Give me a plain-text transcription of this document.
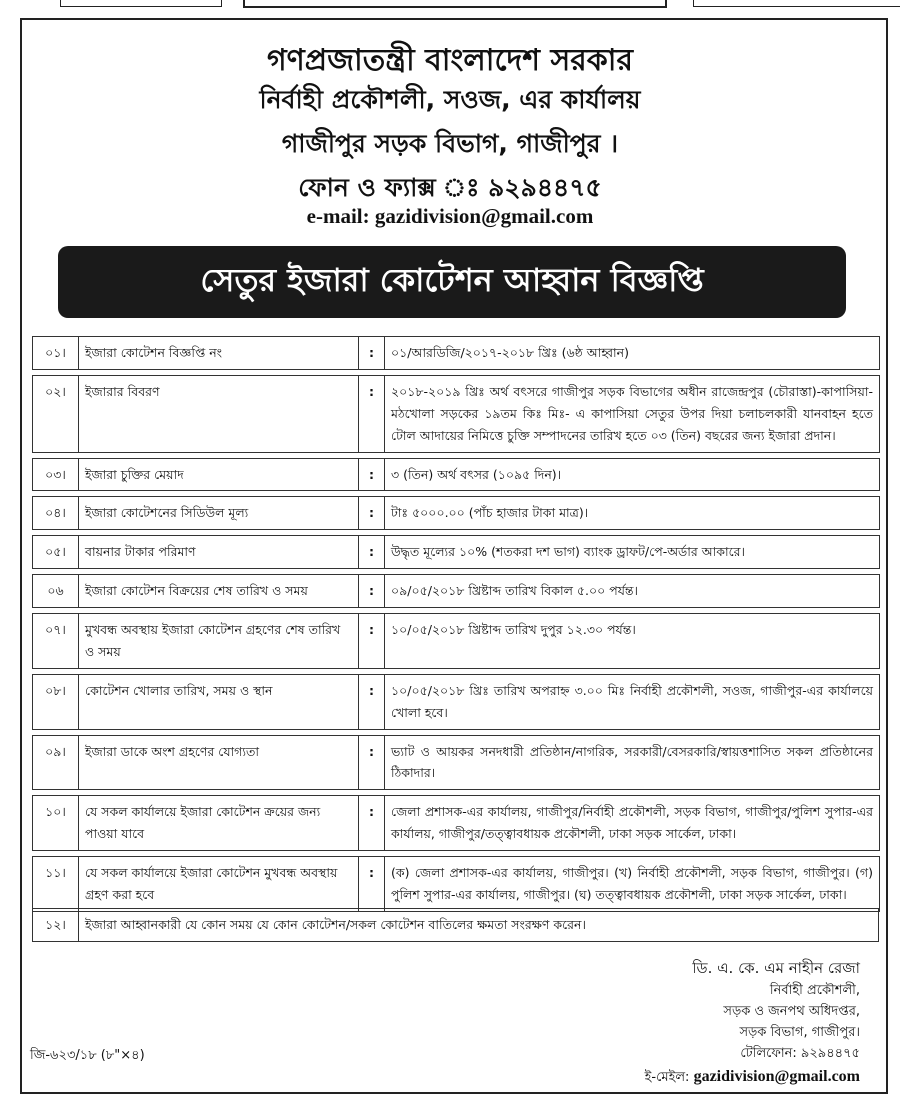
গণপ্রজাতন্ত্রী বাংলাদেশ সরকার
নির্বাহী প্রকৌশলী, সওজ, এর কার্যালয়
গাজীপুর সড়ক বিভাগ, গাজীপুর ।
ফোন ও ফ্যাক্স ঃ ৯২৯৪৪৭৫
e-mail: gazidivision@gmail.com
সেতুর ইজারা কোটেশন আহ্বান বিজ্ঞপ্তি
০১।	ইজারা কোটেশন বিজ্ঞপ্তি নং	:	০১/আরডিজি/২০১৭-২০১৮ খ্রিঃ (৬ষ্ঠ আহ্বান)

০২।	ইজারার বিবরণ	:	২০১৮-২০১৯ খ্রিঃ অর্থ বৎসরে গাজীপুর সড়ক বিভাগের অধীন রাজেন্দ্রপুর (চৌরাস্তা)-কাপাসিয়া-মঠখোলা সড়কের ১৯তম কিঃ মিঃ- এ কাপাসিয়া সেতুর উপর দিয়া চলাচলকারী যানবাহন হতে টোল আদায়ের নিমিত্তে চুক্তি সম্পাদনের তারিখ হতে ০৩ (তিন) বছরের জন্য ইজারা প্রদান।

০৩।	ইজারা চুক্তির মেয়াদ	:	৩ (তিন) অর্থ বৎসর (১০৯৫ দিন)।

০৪।	ইজারা কোটেশনের সিডিউল মূল্য	:	টাঃ ৫০০০.০০ (পাঁচ হাজার টাকা মাত্র)।

০৫।	বায়নার টাকার পরিমাণ	:	উদ্ধৃত মূল্যের ১০% (শতকরা দশ ভাগ) ব্যাংক ড্রাফট/পে-অর্ডার আকারে।

০৬	ইজারা কোটেশন বিক্রয়ের শেষ তারিখ ও সময়	:	০৯/০৫/২০১৮ খ্রিষ্টাব্দ তারিখ বিকাল ৫.০০ পর্যন্ত।

০৭।	মুখবন্ধ অবস্থায় ইজারা কোটেশন গ্রহণের শেষ তারিখ ও সময়	:	১০/০৫/২০১৮ খ্রিষ্টাব্দ তারিখ দুপুর ১২.৩০ পর্যন্ত।

০৮।	কোটেশন খোলার তারিখ, সময় ও স্থান	:	১০/০৫/২০১৮ খ্রিঃ তারিখ অপরাহ্ন ৩.০০ মিঃ নির্বাহী প্রকৌশলী, সওজ, গাজীপুর-এর কার্যালয়ে খোলা হবে।

০৯।	ইজারা ডাকে অংশ গ্রহণের যোগ্যতা	:	ভ্যাট ও আয়কর সনদধারী প্রতিষ্ঠান/নাগরিক, সরকারী/বেসরকারি/স্বায়ত্তশাসিত সকল প্রতিষ্ঠানের ঠিকাদার।

১০।	যে সকল কার্যালয়ে ইজারা কোটেশন ক্রয়ের জন্য পাওয়া যাবে	:	জেলা প্রশাসক-এর কার্যালয়, গাজীপুর/নির্বাহী প্রকৌশলী, সড়ক বিভাগ, গাজীপুর/পুলিশ সুপার-এর কার্যালয়, গাজীপুর/তত্ত্বাবধায়ক প্রকৌশলী, ঢাকা সড়ক সার্কেল, ঢাকা।

১১।	যে সকল কার্যালয়ে ইজারা কোটেশন মুখবন্ধ অবস্থায় গ্রহণ করা হবে	:	(ক) জেলা প্রশাসক-এর কার্যালয়, গাজীপুর। (খ) নির্বাহী প্রকৌশলী, সড়ক বিভাগ, গাজীপুর। (গ) পুলিশ সুপার-এর কার্যালয়, গাজীপুর। (ঘ) তত্ত্বাবধায়ক প্রকৌশলী, ঢাকা সড়ক সার্কেল, ঢাকা।
১২।	ইজারা আহ্বানকারী যে কোন সময় যে কোন কোটেশন/সকল কোটেশন বাতিলের ক্ষমতা সংরক্ষণ করেন।
ডি. এ. কে. এম নাহীন রেজা
নির্বাহী প্রকৌশলী,
সড়ক ও জনপথ অধিদপ্তর,
সড়ক বিভাগ, গাজীপুর।
টেলিফোন: ৯২৯৪৪৭৫
ই-মেইল: gazidivision@gmail.com
জি-৬২৩/১৮ (৮"×৪)
